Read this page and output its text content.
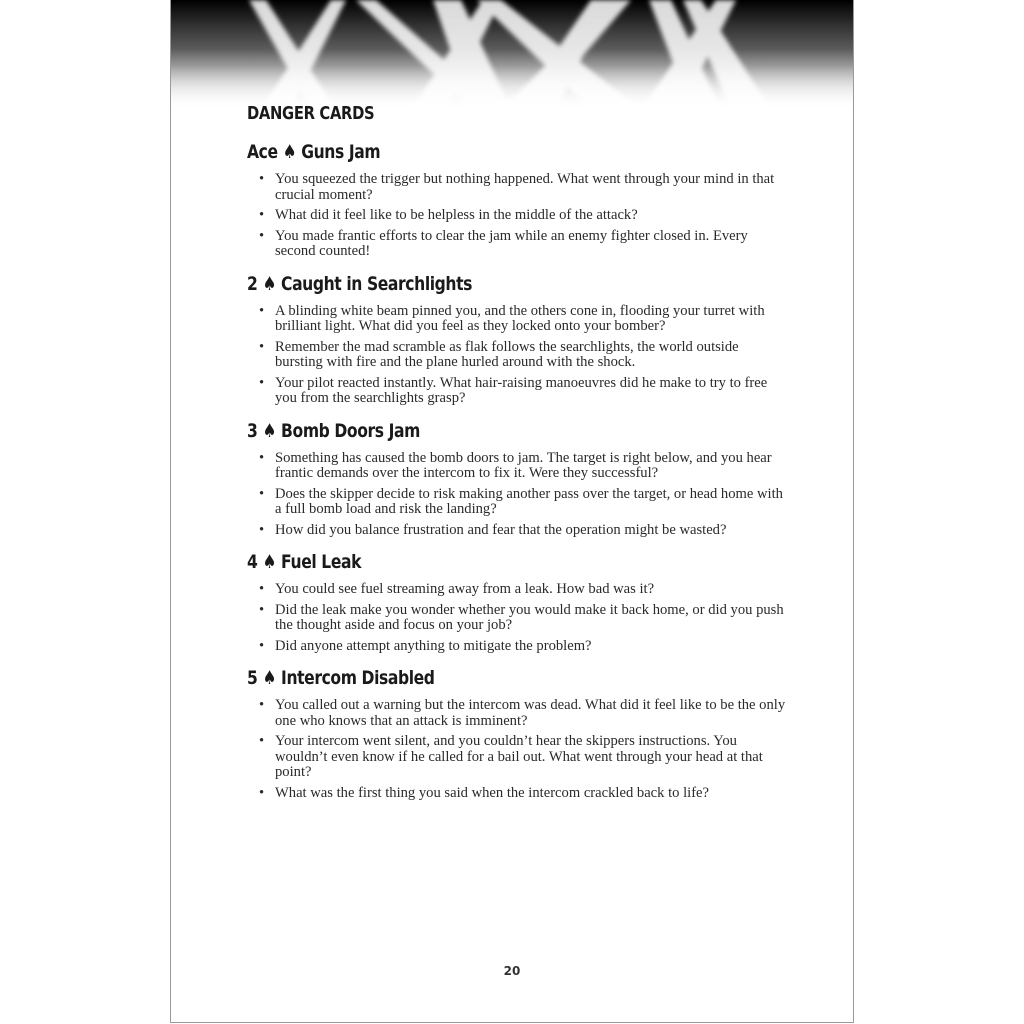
DANGER CARDS
Ace ♠ Guns Jam
• You squeezed the trigger but nothing happened. What went through your mind in that crucial moment?
• What did it feel like to be helpless in the middle of the attack?
• You made frantic efforts to clear the jam while an enemy fighter closed in. Every second counted!
2 ♠ Caught in Searchlights
• A blinding white beam pinned you, and the others cone in, flooding your turret with brilliant light. What did you feel as they locked onto your bomber?
• Remember the mad scramble as flak follows the searchlights, the world outside bursting with fire and the plane hurled around with the shock.
• Your pilot reacted instantly. What hair-raising manoeuvres did he make to try to free you from the searchlights grasp?
3 ♠ Bomb Doors Jam
• Something has caused the bomb doors to jam. The target is right below, and you hear frantic demands over the intercom to fix it. Were they successful?
• Does the skipper decide to risk making another pass over the target, or head home with a full bomb load and risk the landing?
• How did you balance frustration and fear that the operation might be wasted?
4 ♠ Fuel Leak
• You could see fuel streaming away from a leak. How bad was it?
• Did the leak make you wonder whether you would make it back home, or did you push the thought aside and focus on your job?
• Did anyone attempt anything to mitigate the problem?
5 ♠ Intercom Disabled
• You called out a warning but the intercom was dead. What did it feel like to be the only one who knows that an attack is imminent?
• Your intercom went silent, and you couldn’t hear the skippers instructions. You wouldn’t even know if he called for a bail out. What went through your head at that point?
• What was the first thing you said when the intercom crackled back to life?
20
